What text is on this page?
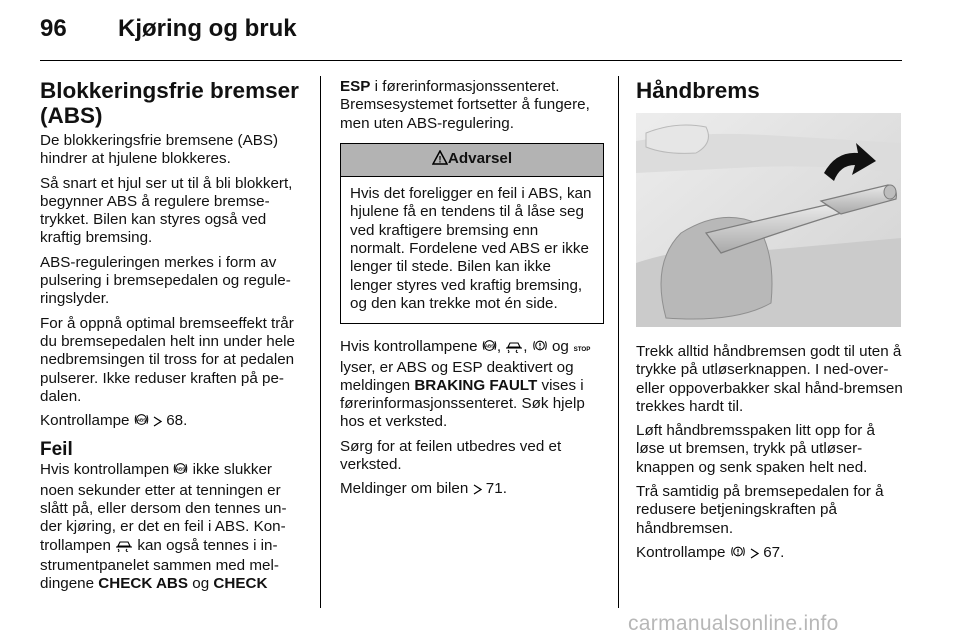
96 Kjøring og bruk
Blokkeringsfrie bremser (ABS)

De blokkeringsfrie bremsene (ABS) hindrer at hjulene blokkeres.

Så snart et hjul ser ut til å bli blokkert, begynner ABS å regulere bremse-trykket. Bilen kan styres også ved kraftig bremsing.

ABS-reguleringen merkes i form av pulsering i bremsepedalen og regule-ringslyder.

For å oppnå optimal bremseeffekt trår du bremsepedalen helt inn under hele nedbremsingen til tross for at pedalen pulserer. Ikke reduser kraften på pe-dalen.

Kontrollampe ABS 68.

Feil

Hvis kontrollampen ABS ikke slukker noen sekunder etter at tenningen er slått på, eller dersom den tennes un-der kjøring, er det en feil i ABS. Kon-trollampen kan også tennes i in-strumentpanelet sammen med mel-dingene CHECK ABS og CHECK

ESP i førerinformasjonssenteret. Bremsesystemet fortsetter å fungere, men uten ABS-regulering.

! Advarsel
Hvis det foreligger en feil i ABS, kan hjulene få en tendens til å låse seg ved kraftigere bremsing enn normalt. Fordelene ved ABS er ikke lenger til stede. Bilen kan ikke lenger styres ved kraftig bremsing, og den kan trekke mot én side.

Hvis kontrollampene ABS , ,  og STOP
lyser, er ABS og ESP deaktivert og meldingen BRAKING FAULT vises i førerinformasjonssenteret. Søk hjelp hos et verksted.

Sørg for at feilen utbedres ved et verksted.

Meldinger om bilen 71.

Håndbrems

Trekk alltid håndbremsen godt til uten å trykke på utløserknappen. I ned-over- eller oppoverbakker skal hånd-bremsen trekkes hardt til.

Løft håndbremsspaken litt opp for å løse ut bremsen, trykk på utløser-knappen og senk spaken helt ned.

Trå samtidig på bremsepedalen for å redusere betjeningskraften på håndbremsen.

Kontrollampe 67.

carmanualsonline.info
